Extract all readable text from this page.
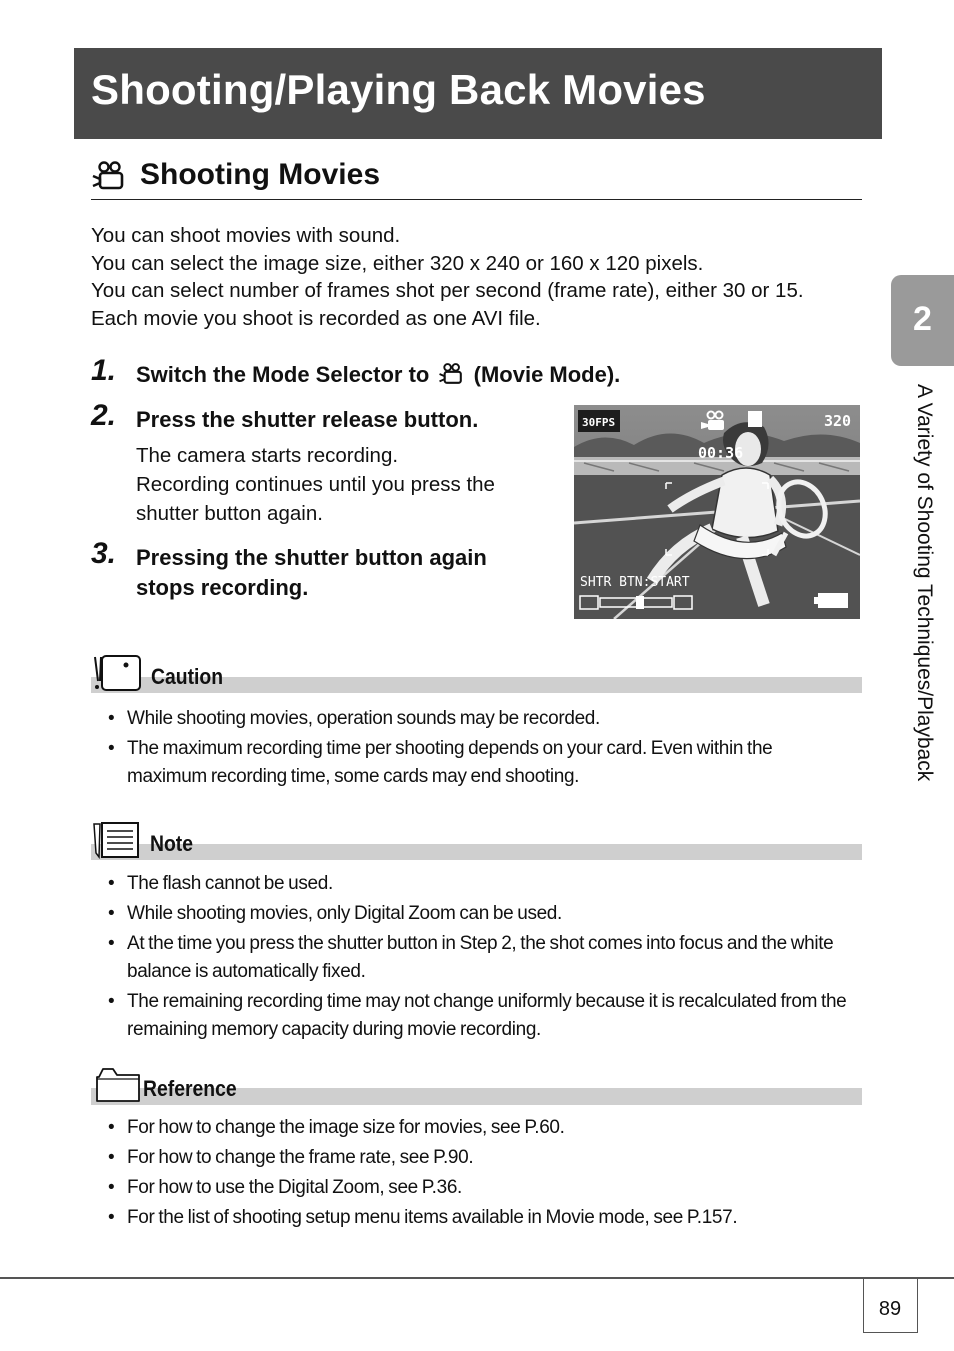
Shooting/Playing Back Movies
Shooting Movies

You can shoot movies with sound.

You can select the image size, either 320 x 240 or 160 x 120 pixels.

You can select number of frames shot per second (frame rate), either 30 or 15.

Each movie you shoot is recorded as one AVI file.	2
A Variety of Shooting Techniques/Playback
1. Switch the Mode Selector to (Movie Mode).
2. Press the shutter release button.
The camera starts recording.
Recording continues until you press the
shutter button again.
3. Pressing the shutter button again
stops recording.
30FPS	320
00:36
SHTR BTN:START
Caution
• While shooting movies, operation sounds may be recorded.
• The maximum recording time per shooting depends on your card. Even within the
maximum recording time, some cards may end shooting.
Note
• The flash cannot be used.
• While shooting movies, only Digital Zoom can be used.
• At the time you press the shutter button in Step 2, the shot comes into focus and the white
balance is automatically fixed.
• The remaining recording time may not change uniformly because it is recalculated from the
remaining memory capacity during movie recording.
Reference
• For how to change the image size for movies, see P.60.
• For how to change the frame rate, see P.90.
• For how to use the Digital Zoom, see P.36.
• For the list of shooting setup menu items available in Movie mode, see P.157.
89
